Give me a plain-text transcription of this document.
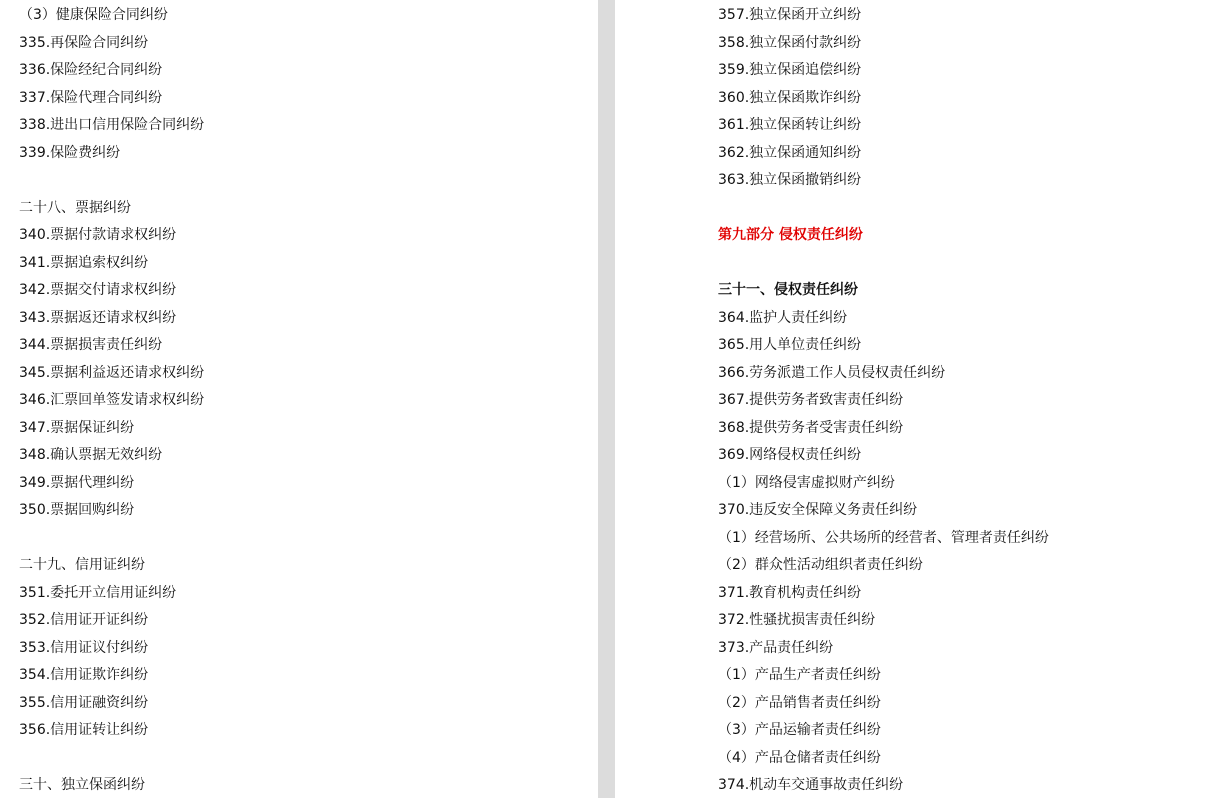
（3）健康保险合同纠纷
335.再保险合同纠纷
336.保险经纪合同纠纷
337.保险代理合同纠纷
338.进出口信用保险合同纠纷
339.保险费纠纷
二十八、票据纠纷
340.票据付款请求权纠纷
341.票据追索权纠纷
342.票据交付请求权纠纷
343.票据返还请求权纠纷
344.票据损害责任纠纷
345.票据利益返还请求权纠纷
346.汇票回单签发请求权纠纷
347.票据保证纠纷
348.确认票据无效纠纷
349.票据代理纠纷
350.票据回购纠纷
二十九、信用证纠纷
351.委托开立信用证纠纷
352.信用证开证纠纷
353.信用证议付纠纷
354.信用证欺诈纠纷
355.信用证融资纠纷
356.信用证转让纠纷
三十、独立保函纠纷
357.独立保函开立纠纷
358.独立保函付款纠纷
359.独立保函追偿纠纷
360.独立保函欺诈纠纷
361.独立保函转让纠纷
362.独立保函通知纠纷
363.独立保函撤销纠纷
第九部分 侵权责任纠纷
三十一、侵权责任纠纷
364.监护人责任纠纷
365.用人单位责任纠纷
366.劳务派遣工作人员侵权责任纠纷
367.提供劳务者致害责任纠纷
368.提供劳务者受害责任纠纷
369.网络侵权责任纠纷
（1）网络侵害虚拟财产纠纷
370.违反安全保障义务责任纠纷
（1）经营场所、公共场所的经营者、管理者责任纠纷
（2）群众性活动组织者责任纠纷
371.教育机构责任纠纷
372.性骚扰损害责任纠纷
373.产品责任纠纷
（1）产品生产者责任纠纷
（2）产品销售者责任纠纷
（3）产品运输者责任纠纷
（4）产品仓储者责任纠纷
374.机动车交通事故责任纠纷
